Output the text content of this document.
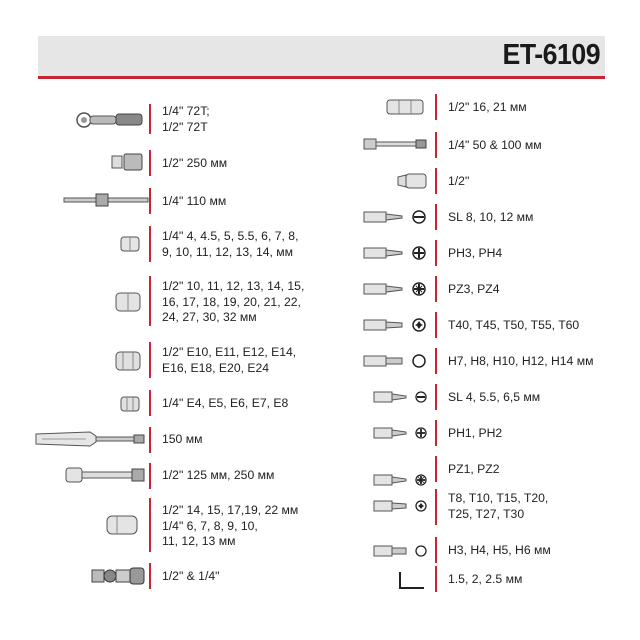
ET-6109
1/4" 72T;
1/2" 72T
1/2" 250 мм
1/4" 110 мм
1/4" 4, 4.5, 5, 5.5, 6, 7, 8,
9, 10, 11, 12, 13, 14, мм
1/2" 10, 11, 12, 13, 14, 15,
16, 17, 18, 19, 20, 21, 22,
24, 27, 30, 32 мм
1/2" E10, E11, E12, E14,
E16, E18, E20, E24
1/4" E4, E5, E6, E7, E8
150 мм
1/2" 125 мм, 250 мм
1/2" 14, 15, 17,19, 22 мм
1/4" 6, 7, 8, 9, 10,
11, 12, 13 мм
1/2" & 1/4"
1/2" 16, 21 мм
1/4" 50 & 100 мм
1/2"
SL 8, 10, 12 мм
PH3, PH4
PZ3, PZ4
T40, T45, T50, T55, T60
H7, H8, H10, H12, H14 мм
SL 4, 5.5, 6,5 мм
PH1, PH2
PZ1, PZ2
T8, T10, T15, T20,
T25, T27, T30
H3, H4, H5, H6 мм
1.5, 2, 2.5 мм
